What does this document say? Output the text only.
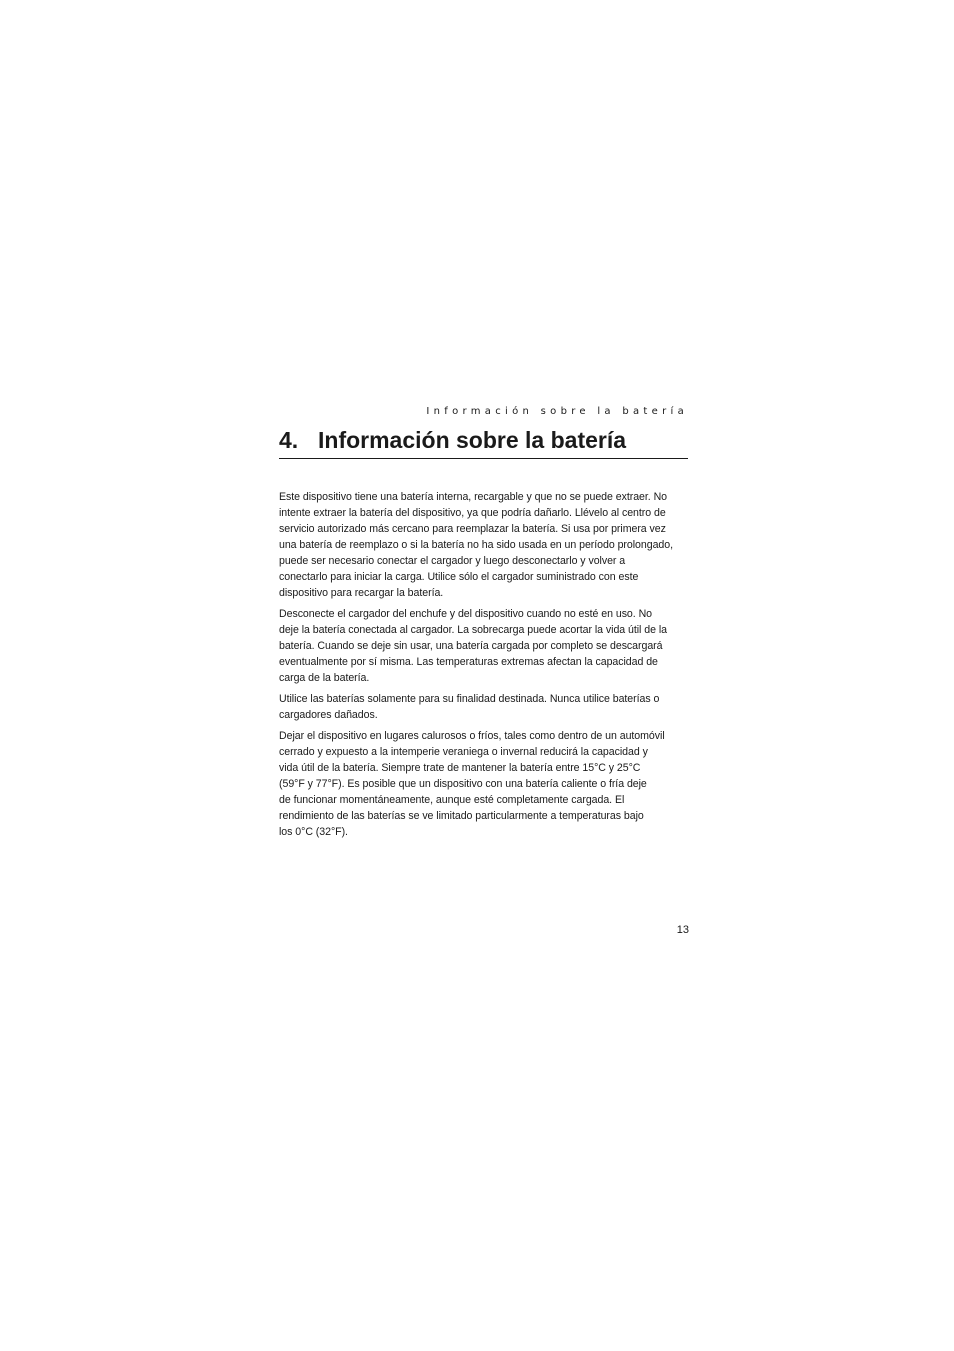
Información sobre la batería
4. Información sobre la batería

Este dispositivo tiene una batería interna, recargable y que no se puede extraer. No
intente extraer la batería del dispositivo, ya que podría dañarlo. Llévelo al centro de
servicio autorizado más cercano para reemplazar la batería. Si usa por primera vez
una batería de reemplazo o si la batería no ha sido usada en un período prolongado,
puede ser necesario conectar el cargador y luego desconectarlo y volver a
conectarlo para iniciar la carga. Utilice sólo el cargador suministrado con este
dispositivo para recargar la batería.

Desconecte el cargador del enchufe y del dispositivo cuando no esté en uso. No
deje la batería conectada al cargador. La sobrecarga puede acortar la vida útil de la
batería. Cuando se deje sin usar, una batería cargada por completo se descargará
eventualmente por sí misma. Las temperaturas extremas afectan la capacidad de
carga de la batería.

Utilice las baterías solamente para su finalidad destinada. Nunca utilice baterías o
cargadores dañados.

Dejar el dispositivo en lugares calurosos o fríos, tales como dentro de un automóvil
cerrado y expuesto a la intemperie veraniega o invernal reducirá la capacidad y
vida útil de la batería. Siempre trate de mantener la batería entre 15°C y 25°C
(59°F y 77°F). Es posible que un dispositivo con una batería caliente o fría deje
de funcionar momentáneamente, aunque esté completamente cargada. El
rendimiento de las baterías se ve limitado particularmente a temperaturas bajo
los 0°C (32°F).

13
